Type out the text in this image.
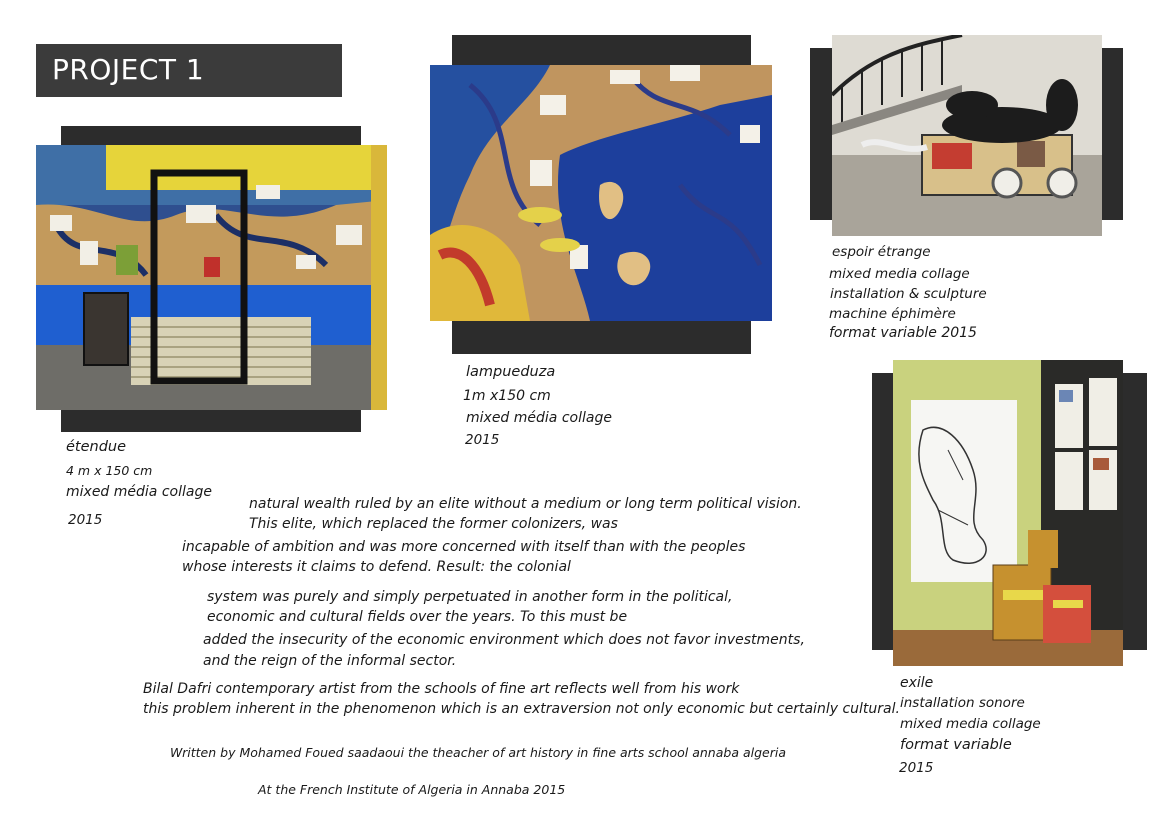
PROJECT 1
étendue
4 m x 150 cm
mixed média collage
2015
lampueduza
1m x150 cm
mixed média collage
2015
espoir étrange
mixed media collage
installation & sculpture
machine éphimère
format variable 2015
exile
installation sonore
mixed media collage
format variable
2015
natural wealth ruled by an elite without a medium or long term political vision.
This elite, which replaced the former colonizers, was
incapable of ambition and was more concerned with itself than with the peoples
whose interests it claims to defend. Result: the colonial
system was purely and simply perpetuated in another form in the political,
economic and cultural fields over the years. To this must be
added the insecurity of the economic environment which does not favor investments,
and the reign of the informal sector.
Bilal Dafri contemporary artist from the schools of fine art reflects well from his work
this problem inherent in the phenomenon which is an extraversion not only economic but certainly cultural.
Written by Mohamed Foued saadaoui the theacher of art history in fine arts school annaba algeria
At the French Institute of Algeria in Annaba 2015
